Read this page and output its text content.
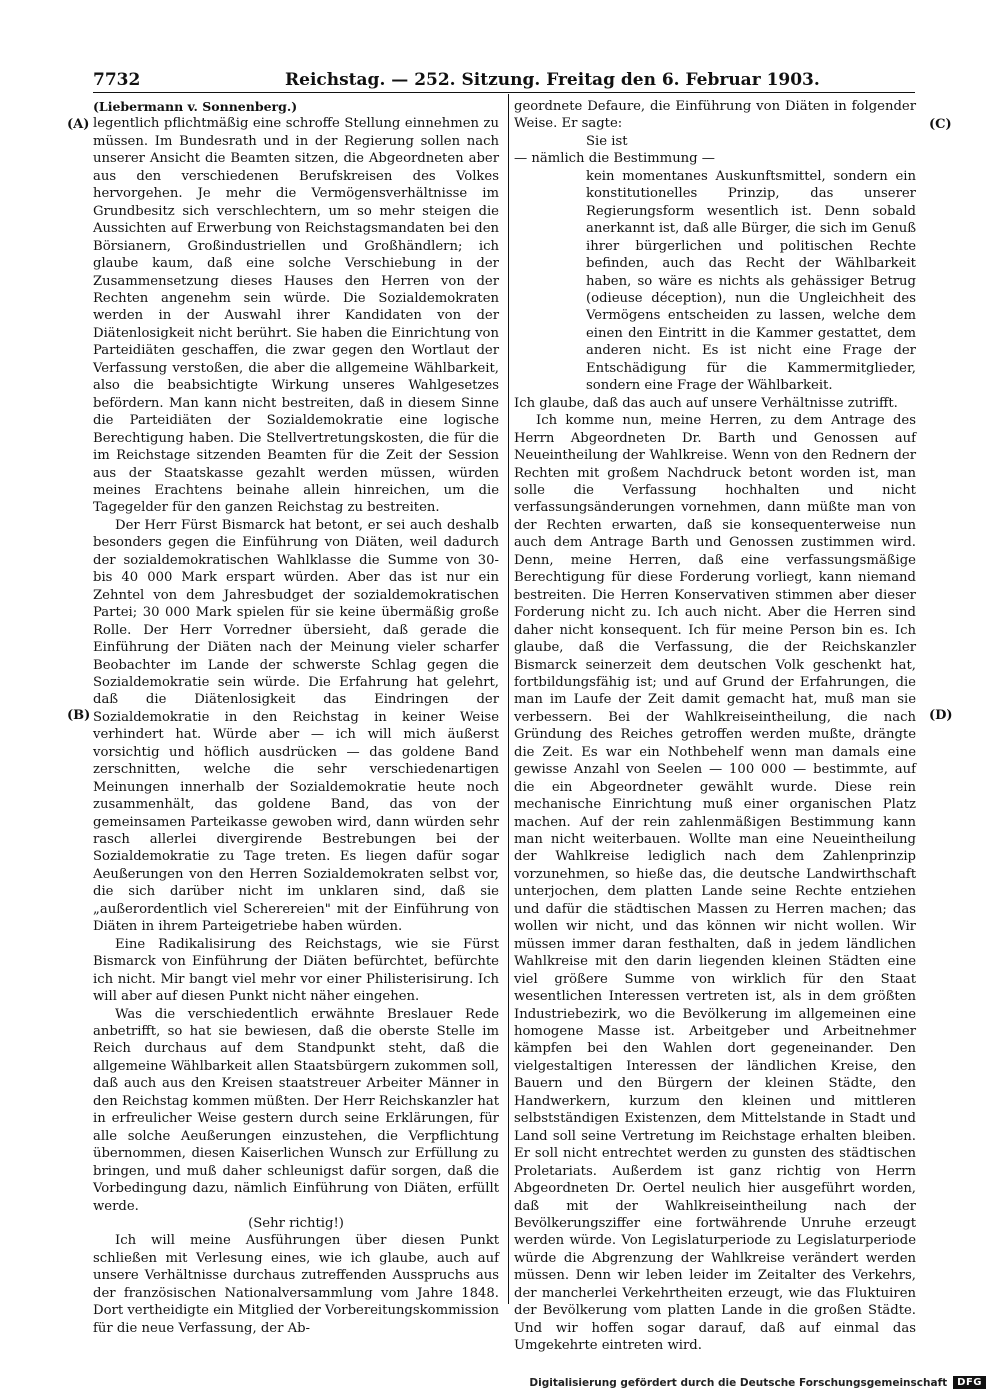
7732	Reichstag. — 252. Sitzung. Freitag den 6. Februar 1903.
(A)
(B)
(C)
(D)

(Liebermann v. Sonnenberg.)

legentlich pflichtmäßig eine schroffe Stellung einnehmen zu müssen. Im Bundesrath und in der Regierung sollen nach unserer Ansicht die Beamten sitzen, die Abgeordneten aber aus den verschiedenen Berufskreisen des Volkes hervorgehen. Je mehr die Vermögensverhältnisse im Grundbesitz sich verschlechtern, um so mehr steigen die Aussichten auf Erwerbung von Reichstagsmandaten bei den Börsianern, Großindustriellen und Großhändlern; ich glaube kaum, daß eine solche Verschiebung in der Zusammensetzung dieses Hauses den Herren von der Rechten angenehm sein würde. Die Sozialdemokraten werden in der Auswahl ihrer Kandidaten von der Diätenlosigkeit nicht berührt. Sie haben die Einrichtung von Parteidiäten geschaffen, die zwar gegen den Wortlaut der Verfassung verstoßen, die aber die allgemeine Wählbarkeit, also die beabsichtigte Wirkung unseres Wahlgesetzes befördern. Man kann nicht bestreiten, daß in diesem Sinne die Parteidiäten der Sozialdemokratie eine logische Berechtigung haben. Die Stellvertretungskosten, die für die im Reichstage sitzenden Beamten für die Zeit der Session aus der Staatskasse gezahlt werden müssen, würden meines Erachtens beinahe allein hinreichen, um die Tagegelder für den ganzen Reichstag zu bestreiten.

Der Herr Fürst Bismarck hat betont, er sei auch deshalb besonders gegen die Einführung von Diäten, weil dadurch der sozialdemokratischen Wahlklasse die Summe von 30- bis 40 000 Mark erspart würden. Aber das ist nur ein Zehntel von dem Jahresbudget der sozialdemokratischen Partei; 30 000 Mark spielen für sie keine übermäßig große Rolle. Der Herr Vorredner übersieht, daß gerade die Einführung der Diäten nach der Meinung vieler scharfer Beobachter im Lande der schwerste Schlag gegen die Sozialdemokratie sein würde. Die Erfahrung hat gelehrt, daß die Diätenlosigkeit das Eindringen der Sozialdemokratie in den Reichstag in keiner Weise verhindert hat. Würde aber — ich will mich äußerst vorsichtig und höflich ausdrücken — das goldene Band zerschnitten, welche die sehr verschiedenartigen Meinungen innerhalb der Sozialdemokratie heute noch zusammenhält, das goldene Band, das von der gemeinsamen Parteikasse gewoben wird, dann würden sehr rasch allerlei divergirende Bestrebungen bei der Sozialdemokratie zu Tage treten. Es liegen dafür sogar Aeußerungen von den Herren Sozialdemokraten selbst vor, die sich darüber nicht im unklaren sind, daß sie „außerordentlich viel Scherereien" mit der Einführung von Diäten in ihrem Parteigetriebe haben würden.

Eine Radikalisirung des Reichstags, wie sie Fürst Bismarck von Einführung der Diäten befürchtet, befürchte ich nicht. Mir bangt viel mehr vor einer Philisterisirung. Ich will aber auf diesen Punkt nicht näher eingehen.

Was die verschiedentlich erwähnte Breslauer Rede anbetrifft, so hat sie bewiesen, daß die oberste Stelle im Reich durchaus auf dem Standpunkt steht, daß die allgemeine Wählbarkeit allen Staatsbürgern zukommen soll, daß auch aus den Kreisen staatstreuer Arbeiter Männer in den Reichstag kommen müßten. Der Herr Reichskanzler hat in erfreulicher Weise gestern durch seine Erklärungen, für alle solche Aeußerungen einzustehen, die Verpflichtung übernommen, diesen Kaiserlichen Wunsch zur Erfüllung zu bringen, und muß daher schleunigst dafür sorgen, daß die Vorbedingung dazu, nämlich Einführung von Diäten, erfüllt werde.

(Sehr richtig!)

Ich will meine Ausführungen über diesen Punkt schließen mit Verlesung eines, wie ich glaube, auch auf unsere Verhältnisse durchaus zutreffenden Ausspruchs aus der französischen Nationalversammlung vom Jahre 1848. Dort vertheidigte ein Mitglied der Vorbereitungskommission für die neue Verfassung, der Ab-

geordnete Defaure, die Einführung von Diäten in folgender Weise. Er sagte:

Sie ist

— nämlich die Bestimmung —

kein momentanes Auskunftsmittel, sondern ein konstitutionelles Prinzip, das unserer Regierungsform wesentlich ist. Denn sobald anerkannt ist, daß alle Bürger, die sich im Genuß ihrer bürgerlichen und politischen Rechte befinden, auch das Recht der Wählbarkeit haben, so wäre es nichts als gehässiger Betrug (odieuse déception), nun die Ungleichheit des Vermögens entscheiden zu lassen, welche dem einen den Eintritt in die Kammer gestattet, dem anderen nicht. Es ist nicht eine Frage der Entschädigung für die Kammermitglieder, sondern eine Frage der Wählbarkeit.

Ich glaube, daß das auch auf unsere Verhältnisse zutrifft.

Ich komme nun, meine Herren, zu dem Antrage des Herrn Abgeordneten Dr. Barth und Genossen auf Neueintheilung der Wahlkreise. Wenn von den Rednern der Rechten mit großem Nachdruck betont worden ist, man solle die Verfassung hochhalten und nicht verfassungsänderungen vornehmen, dann müßte man von der Rechten erwarten, daß sie konsequenterweise nun auch dem Antrage Barth und Genossen zustimmen wird. Denn, meine Herren, daß eine verfassungsmäßige Berechtigung für diese Forderung vorliegt, kann niemand bestreiten. Die Herren Konservativen stimmen aber dieser Forderung nicht zu. Ich auch nicht. Aber die Herren sind daher nicht konsequent. Ich für meine Person bin es. Ich glaube, daß die Verfassung, die der Reichskanzler Bismarck seinerzeit dem deutschen Volk geschenkt hat, fortbildungsfähig ist; und auf Grund der Erfahrungen, die man im Laufe der Zeit damit gemacht hat, muß man sie verbessern. Bei der Wahlkreiseintheilung, die nach Gründung des Reiches getroffen werden mußte, drängte die Zeit. Es war ein Nothbehelf wenn man damals eine gewisse Anzahl von Seelen — 100 000 — bestimmte, auf die ein Abgeordneter gewählt wurde. Diese rein mechanische Einrichtung muß einer organischen Platz machen. Auf der rein zahlenmäßigen Bestimmung kann man nicht weiterbauen. Wollte man eine Neueintheilung der Wahlkreise lediglich nach dem Zahlenprinzip vorzunehmen, so hieße das, die deutsche Landwirthschaft unterjochen, dem platten Lande seine Rechte entziehen und dafür die städtischen Massen zu Herren machen; das wollen wir nicht, und das können wir nicht wollen. Wir müssen immer daran festhalten, daß in jedem ländlichen Wahlkreise mit den darin liegenden kleinen Städten eine viel größere Summe von wirklich für den Staat wesentlichen Interessen vertreten ist, als in dem größten Industriebezirk, wo die Bevölkerung im allgemeinen eine homogene Masse ist. Arbeitgeber und Arbeitnehmer kämpfen bei den Wahlen dort gegeneinander. Den vielgestaltigen Interessen der ländlichen Kreise, den Bauern und den Bürgern der kleinen Städte, den Handwerkern, kurzum den kleinen und mittleren selbstständigen Existenzen, dem Mittelstande in Stadt und Land soll seine Vertretung im Reichstage erhalten bleiben. Er soll nicht entrechtet werden zu gunsten des städtischen Proletariats. Außerdem ist ganz richtig von Herrn Abgeordneten Dr. Oertel neulich hier ausgeführt worden, daß mit der Wahlkreiseintheilung nach der Bevölkerungsziffer eine fortwährende Unruhe erzeugt werden würde. Von Legislaturperiode zu Legislaturperiode würde die Abgrenzung der Wahlkreise verändert werden müssen. Denn wir leben leider im Zeitalter des Verkehrs, der mancherlei Verkehrtheiten erzeugt, wie das Fluktuiren der Bevölkerung vom platten Lande in die großen Städte. Und wir hoffen sogar darauf, daß auf einmal das Umgekehrte eintreten wird.

Digitalisierung gefördert durch die Deutsche Forschungsgemeinschaft	DFG
